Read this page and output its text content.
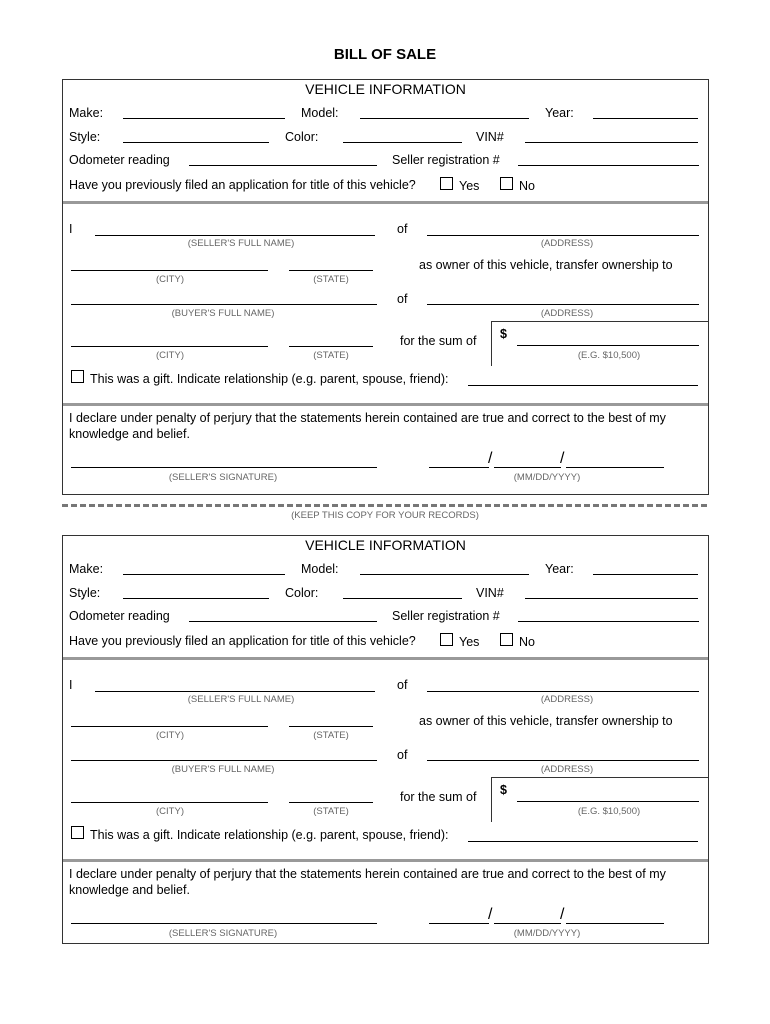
BILL OF SALE
VEHICLE INFORMATION
Make:	Model:	Year:
Style:	Color:	VIN#
Odometer reading	Seller registration #
Have you previously filed an application for title of this vehicle?	Yes	No
I
(SELLER'S FULL NAME)
of
(ADDRESS)
(CITY)	(STATE)
as owner of this vehicle, transfer ownership to
(BUYER'S FULL NAME)
of
(ADDRESS)
(CITY)	(STATE)
for the sum of $
(E.G. $10,500)
This was a gift. Indicate relationship (e.g. parent, spouse, friend):
I declare under penalty of perjury that the statements herein contained are true and correct to the best of my knowledge and belief.
(SELLER'S SIGNATURE)
/	/
(MM/DD/YYYY)
(KEEP THIS COPY FOR YOUR RECORDS)
VEHICLE INFORMATION
Make:	Model:	Year:
Style:	Color:	VIN#
Odometer reading	Seller registration #
Have you previously filed an application for title of this vehicle?	Yes	No
I
(SELLER'S FULL NAME)
of
(ADDRESS)
(CITY)	(STATE)
as owner of this vehicle, transfer ownership to
(BUYER'S FULL NAME)
of
(ADDRESS)
(CITY)	(STATE)
for the sum of $
(E.G. $10,500)
This was a gift. Indicate relationship (e.g. parent, spouse, friend):
I declare under penalty of perjury that the statements herein contained are true and correct to the best of my knowledge and belief.
(SELLER'S SIGNATURE)
/	/
(MM/DD/YYYY)
